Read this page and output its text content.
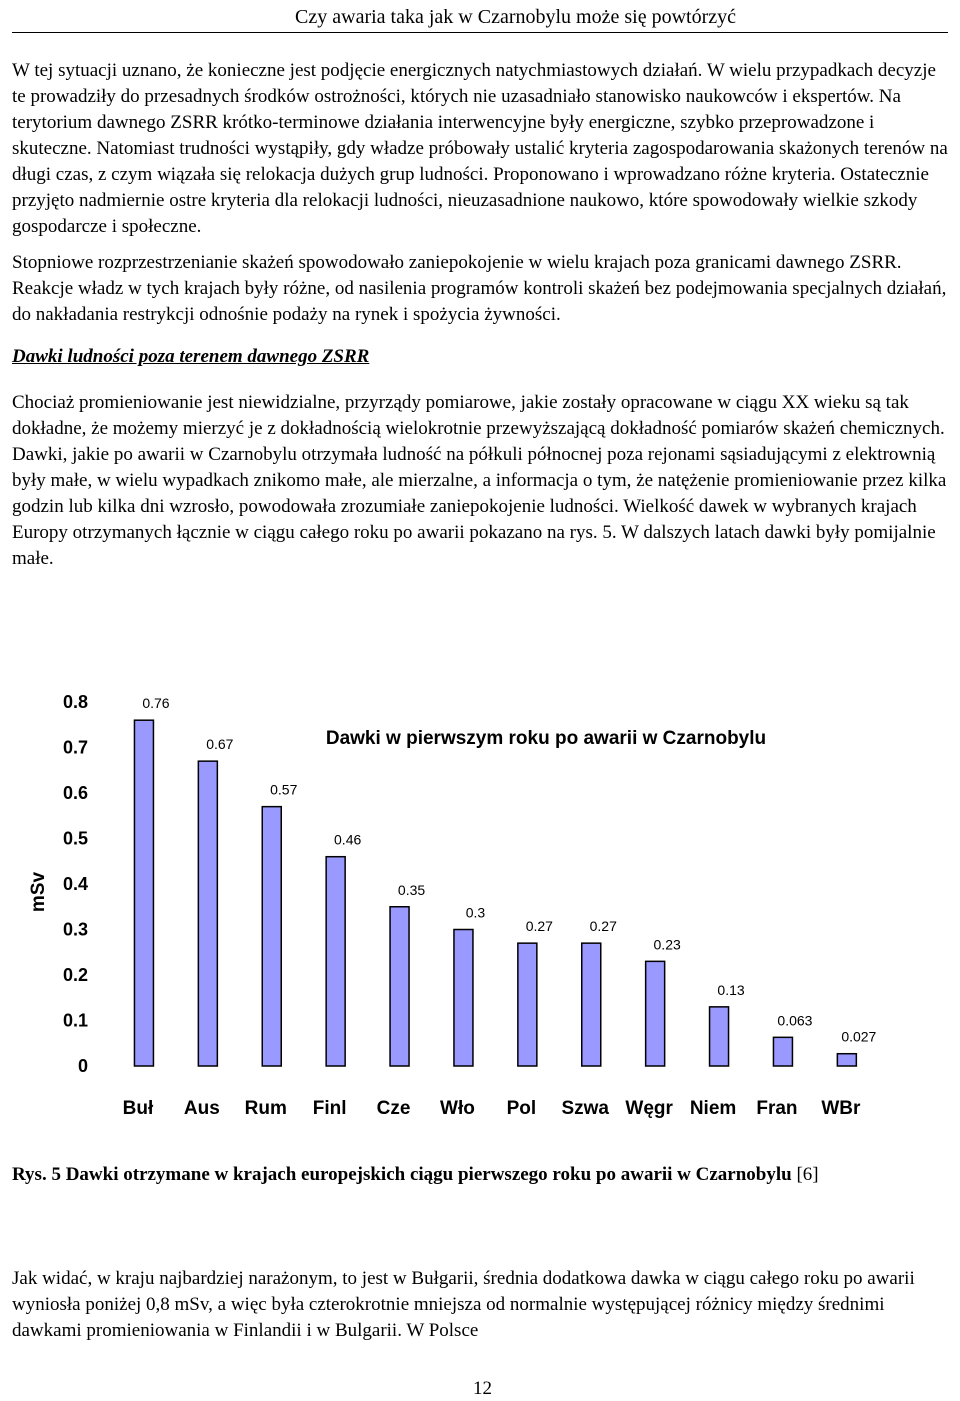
Czy awaria taka jak w Czarnobylu może się powtórzyć

W tej sytuacji uznano, że konieczne jest podjęcie energicznych natychmiastowych działań. W wielu przypadkach decyzje te prowadziły do przesadnych środków ostrożności, których nie uzasadniało stanowisko naukowców i ekspertów. Na terytorium dawnego ZSRR krótko-terminowe działania interwencyjne były energiczne, szybko przeprowadzone i skuteczne. Natomiast trudności wystąpiły, gdy władze próbowały ustalić kryteria zagospodarowania skażonych terenów na długi czas, z czym wiązała się relokacja dużych grup ludności. Proponowano i wprowadzano różne kryteria. Ostatecznie przyjęto nadmiernie ostre kryteria dla relokacji ludności, nieuzasadnione naukowo, które spowodowały wielkie szkody gospodarcze i społeczne.

Stopniowe rozprzestrzenianie skażeń spowodowało zaniepokojenie w wielu krajach poza granicami dawnego ZSRR. Reakcje władz w tych krajach były różne, od nasilenia programów kontroli skażeń bez podejmowania specjalnych działań, do nakładania restrykcji odnośnie podaży na rynek i spożycia żywności.

Dawki ludności poza terenem dawnego ZSRR

Chociaż promieniowanie jest niewidzialne, przyrządy pomiarowe, jakie zostały opracowane w ciągu XX wieku są tak dokładne, że możemy mierzyć je z dokładnością wielokrotnie przewyższającą dokładność pomiarów skażeń chemicznych. Dawki, jakie po awarii w Czarnobylu otrzymała ludność na półkuli północnej poza rejonami sąsiadującymi z elektrownią były małe, w wielu wypadkach znikomo małe, ale mierzalne, a informacja o tym, że natężenie promieniowanie przez kilka godzin lub kilka dni wzrosło, powodowała zrozumiałe zaniepokojenie ludności. Wielkość dawek w wybranych krajach Europy otrzymanych łącznie w ciągu całego roku po awarii pokazano na rys. 5. W dalszych latach dawki były pomijalnie małe.

0
0.1
0.2
0.3
0.4
0.5
0.6
0.7
0.8
mSv
0.76
Buł
0.67
Aus
0.57
Rum
0.46
Finl
0.35
Cze
0.3
Wło
0.27
Pol
0.27
Szwa
0.23
Węgr
0.13
Niem
0.063
Fran
0.027
WBr
Dawki w pierwszym roku po awarii w Czarnobylu
Rys. 5 Dawki otrzymane w krajach europejskich ciągu pierwszego roku po awarii w Czarnobylu [6]

Jak widać, w kraju najbardziej narażonym, to jest w Bułgarii, średnia dodatkowa dawka w ciągu całego roku po awarii wyniosła poniżej 0,8 mSv, a więc była czterokrotnie mniejsza od normalnie występującej różnicy między średnimi dawkami promieniowania w Finlandii i w Bulgarii. W Polsce

12
